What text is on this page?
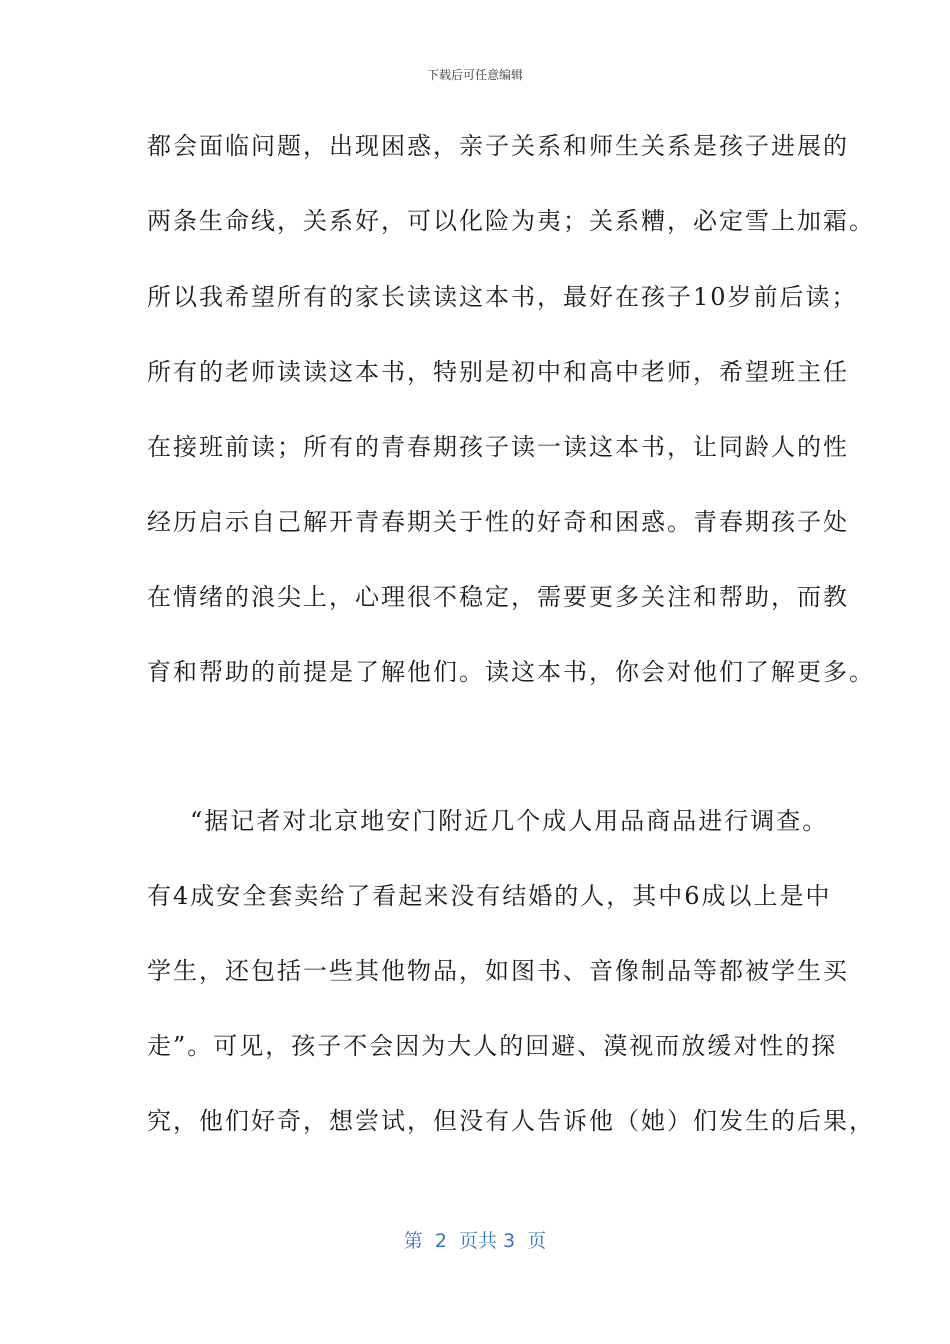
下载后可任意编辑
都会面临问题，出现困惑，亲子关系和师生关系是孩子进展的
两条生命线，关系好，可以化险为夷；关系糟，必定雪上加霜。
所以我希望所有的家长读读这本书，最好在孩子10岁前后读；
所有的老师读读这本书，特别是初中和高中老师，希望班主任
在接班前读；所有的青春期孩子读一读这本书，让同龄人的性
经历启示自己解开青春期关于性的好奇和困惑。青春期孩子处
在情绪的浪尖上，心理很不稳定，需要更多关注和帮助，而教
育和帮助的前提是了解他们。读这本书，你会对他们了解更多。
“据记者对北京地安门附近几个成人用品商品进行调查。
有4成安全套卖给了看起来没有结婚的人，其中6成以上是中
学生，还包括一些其他物品，如图书、音像制品等都被学生买
走”。可见，孩子不会因为大人的回避、漠视而放缓对性的探
究，他们好奇，想尝试，但没有人告诉他（她）们发生的后果，
第  2  页共 3  页
